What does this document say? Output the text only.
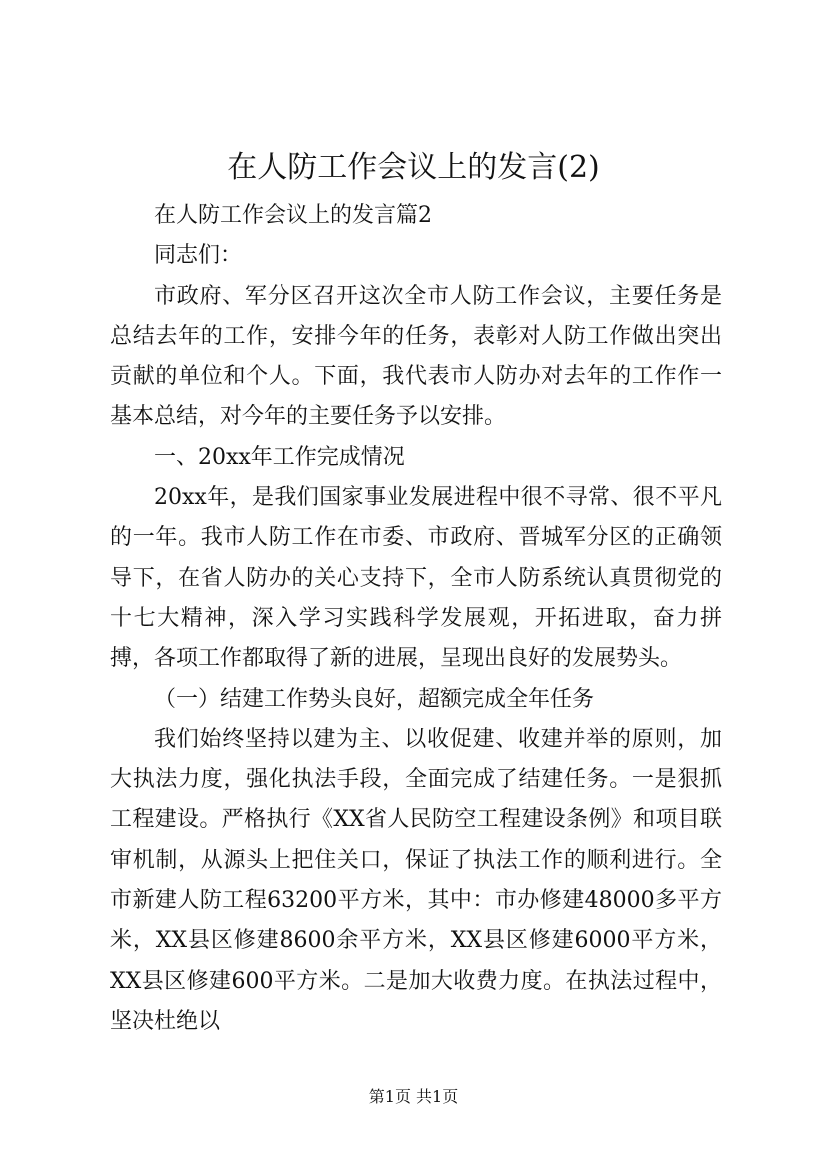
在人防工作会议上的发言(2)

在人防工作会议上的发言篇2

同志们：

市政府、军分区召开这次全市人防工作会议，主要任务是总结去年的工作，安排今年的任务，表彰对人防工作做出突出贡献的单位和个人。下面，我代表市人防办对去年的工作作一基本总结，对今年的主要任务予以安排。

一、20xx年工作完成情况

20xx年，是我们国家事业发展进程中很不寻常、很不平凡的一年。我市人防工作在市委、市政府、晋城军分区的正确领导下，在省人防办的关心支持下，全市人防系统认真贯彻党的十七大精神，深入学习实践科学发展观，开拓进取，奋力拼搏，各项工作都取得了新的进展，呈现出良好的发展势头。

（一）结建工作势头良好，超额完成全年任务

我们始终坚持以建为主、以收促建、收建并举的原则，加大执法力度，强化执法手段，全面完成了结建任务。一是狠抓工程建设。严格执行《XX省人民防空工程建设条例》和项目联审机制，从源头上把住关口，保证了执法工作的顺利进行。全市新建人防工程63200平方米，其中：市办修建48000多平方米，XX县区修建8600余平方米，XX县区修建6000平方米，XX县区修建600平方米。二是加大收费力度。在执法过程中，坚决杜绝以

第1页 共1页
